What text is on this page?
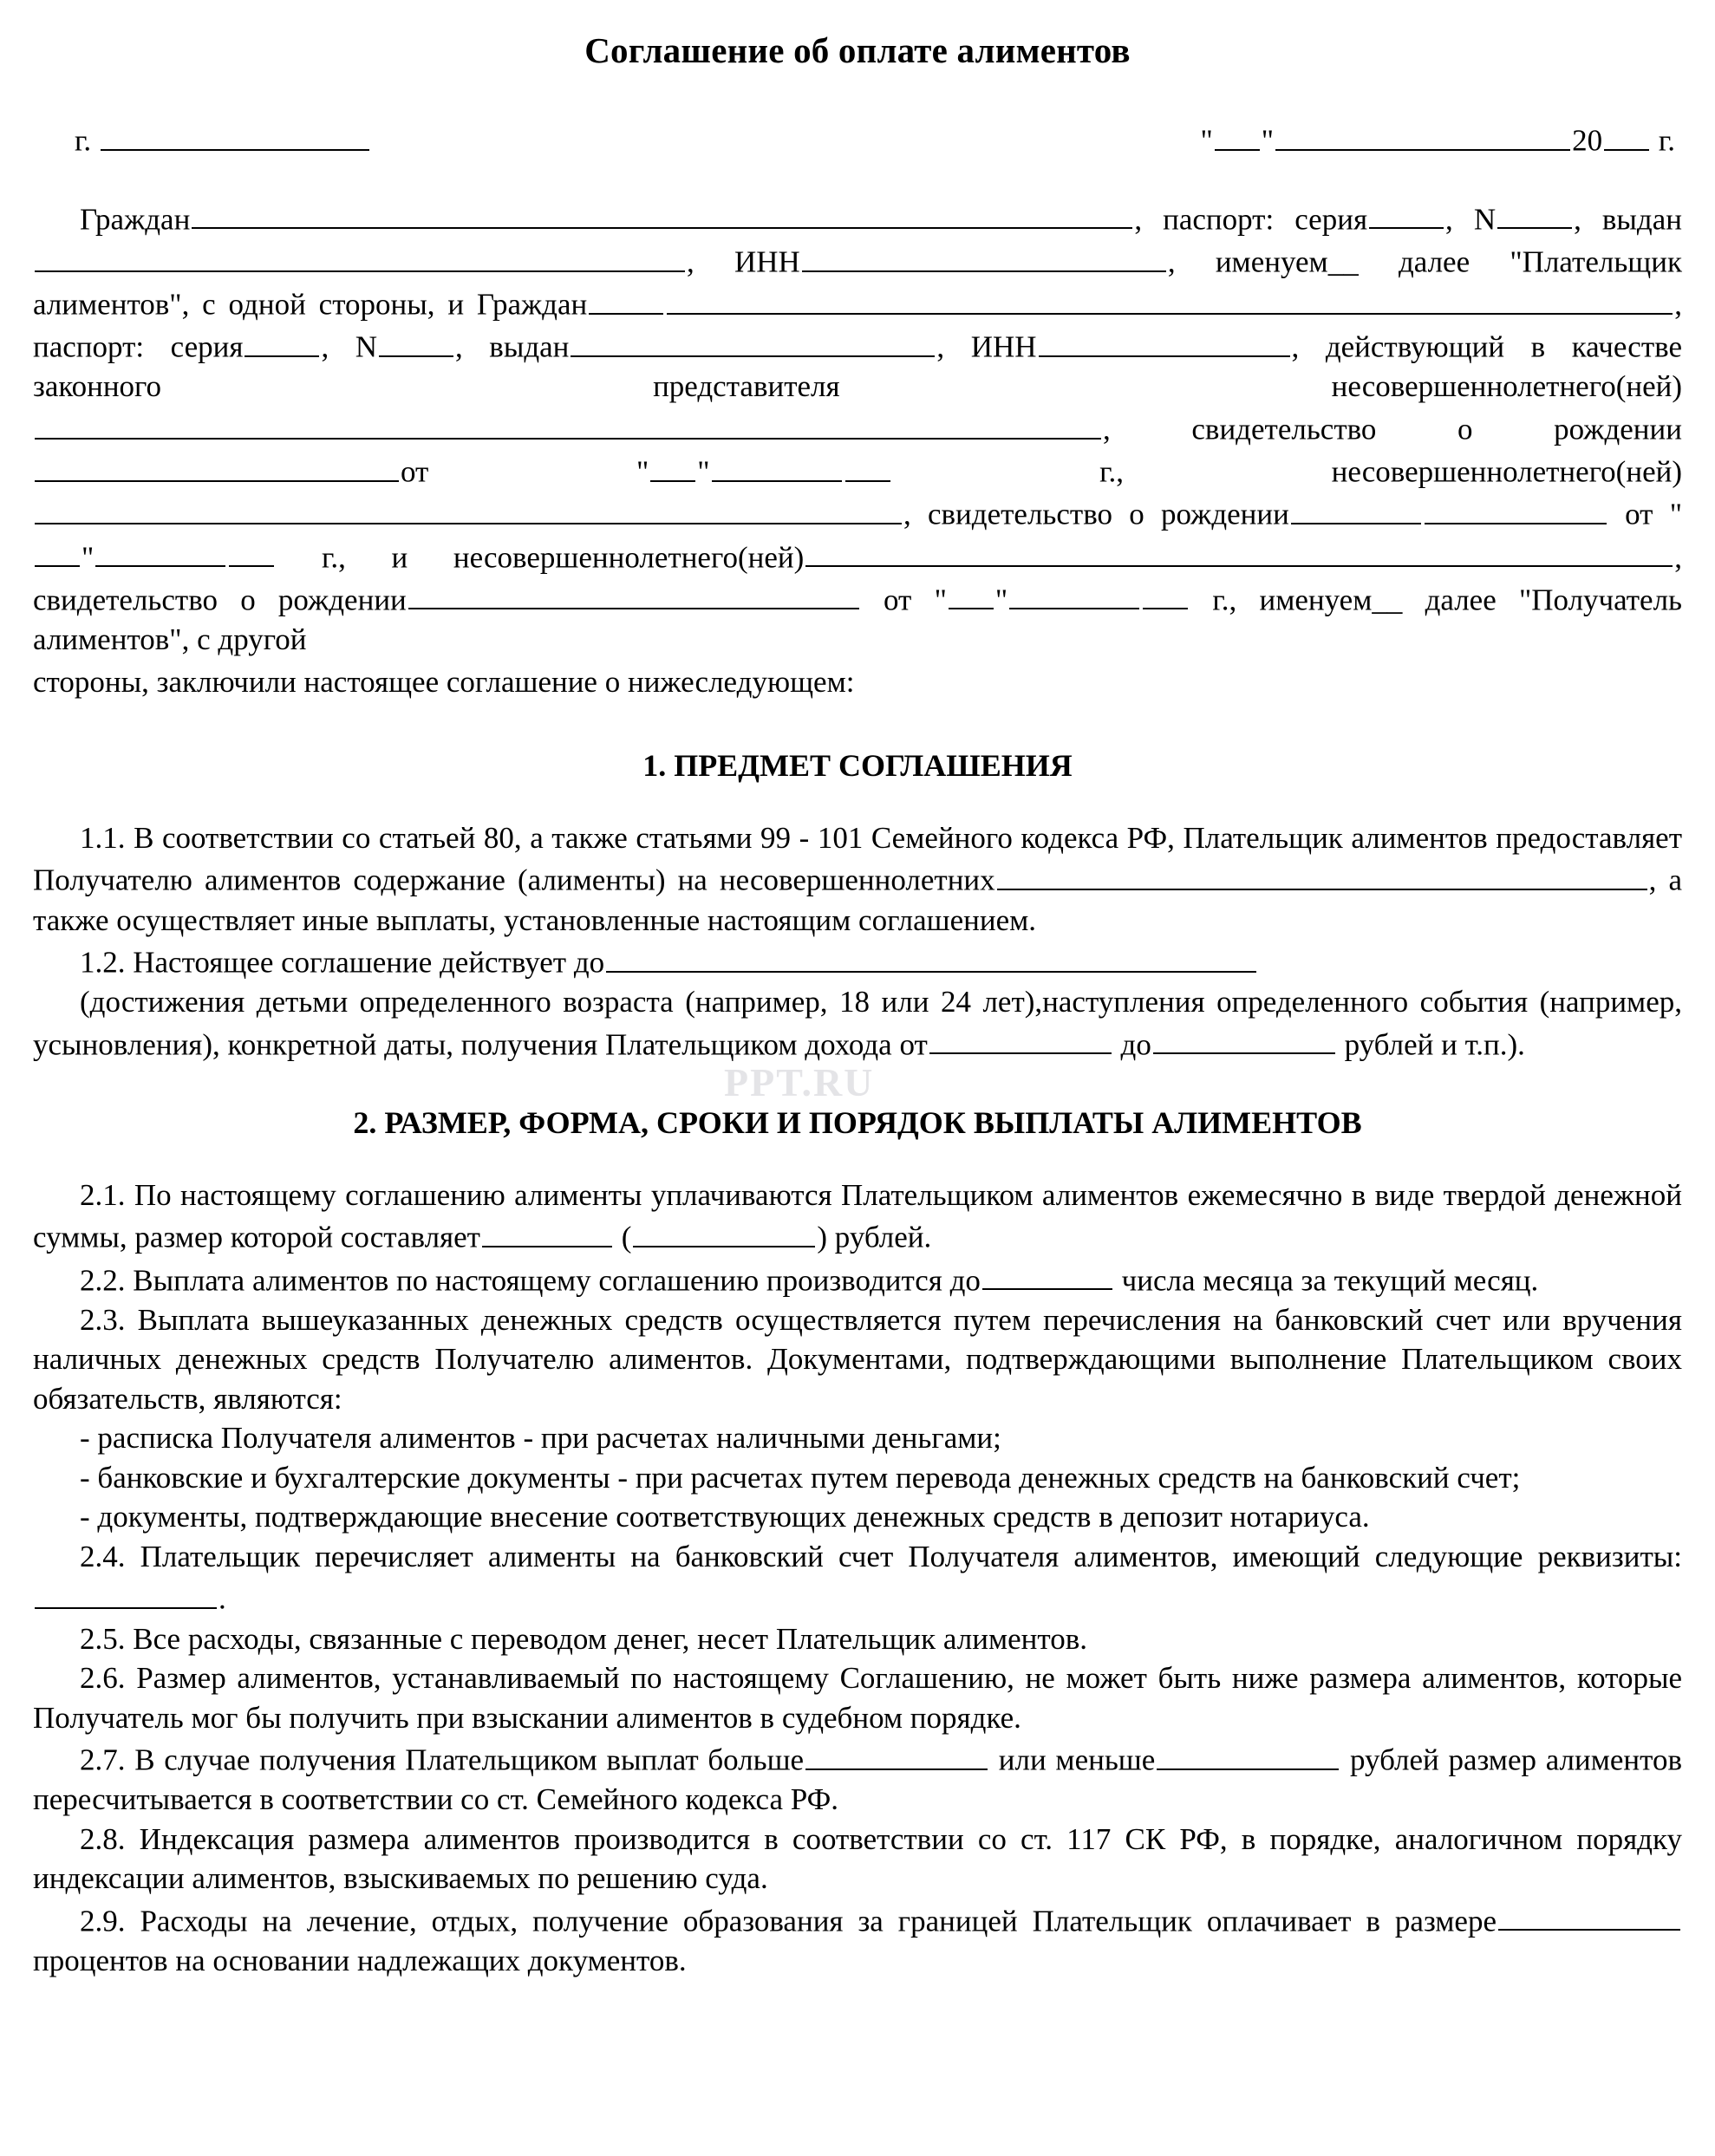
PPT.RU
Соглашение об оплате алиментов
г.	" "	20 г.

Граждан	, паспорт: серия	, N	, выдан, ИНН	, именуем__ далее "Плательщик алиментов", с одной стороны, и Граждан	, паспорт: серия	, N	, выдан	, ИНН	, действующий в качестве законного	представителя несовершеннолетнего(ней), свидетельство о рожденииот	" "	г., несовершеннолетнего(ней), свидетельство о рождении	от ""	г., и несовершеннолетнего(ней)	, свидетельство о рождении	от " "	г., именуем__ далее "Получатель алиментов", с другой

стороны, заключили настоящее соглашение о нижеследующем:

1. ПРЕДМЕТ СОГЛАШЕНИЯ

1.1. В соответствии со статьей 80, а также статьями 99 - 101 Семейного кодекса РФ, Плательщик алиментов предоставляет Получателю алиментов содержание (алименты) на несовершеннолетних	, а также осуществляет иные выплаты, установленные настоящим соглашением.

1.2. Настоящее соглашение действует до

(достижения детьми определенного возраста (например, 18 или 24 лет),наступления определенного события (например, усыновления), конкретной даты, получения Плательщиком дохода от	до	рублей и т.п.).

2. РАЗМЕР, ФОРМА, СРОКИ И ПОРЯДОК ВЫПЛАТЫ АЛИМЕНТОВ

2.1. По настоящему соглашению алименты уплачиваются Плательщиком алиментов ежемесячно в виде твердой денежной суммы, размер которой составляет	(	) рублей.

2.2. Выплата алиментов по настоящему соглашению производится до	числа месяца за текущий месяц.

2.3. Выплата вышеуказанных денежных средств осуществляется путем перечисления на банковский счет или вручения наличных денежных средств Получателю алиментов. Документами, подтверждающими выполнение Плательщиком своих обязательств, являются:

- расписка Получателя алиментов - при расчетах наличными деньгами;

- банковские и бухгалтерские документы - при расчетах путем перевода денежных средств на банковский счет;

- документы, подтверждающие внесение соответствующих денежных средств в депозит нотариуса.

2.4. Плательщик перечисляет алименты на банковский счет Получателя алиментов, имеющий следующие реквизиты:.

2.5. Все расходы, связанные с переводом денег, несет Плательщик алиментов.

2.6. Размер алиментов, устанавливаемый по настоящему Соглашению, не может быть ниже размера алиментов, которые Получатель мог бы получить при взыскании алиментов в судебном порядке.

2.7. В случае получения Плательщиком выплат больше	или меньше	рублей размер алиментов пересчитывается в соответствии со ст. Семейного кодекса РФ.

2.8. Индексация размера алиментов производится в соответствии со ст. 117 СК РФ, в порядке, аналогичном порядку индексации алиментов, взыскиваемых по решению суда.

2.9. Расходы на лечение, отдых, получение образования за границей Плательщик оплачивает в размере процентов на основании надлежащих документов.
